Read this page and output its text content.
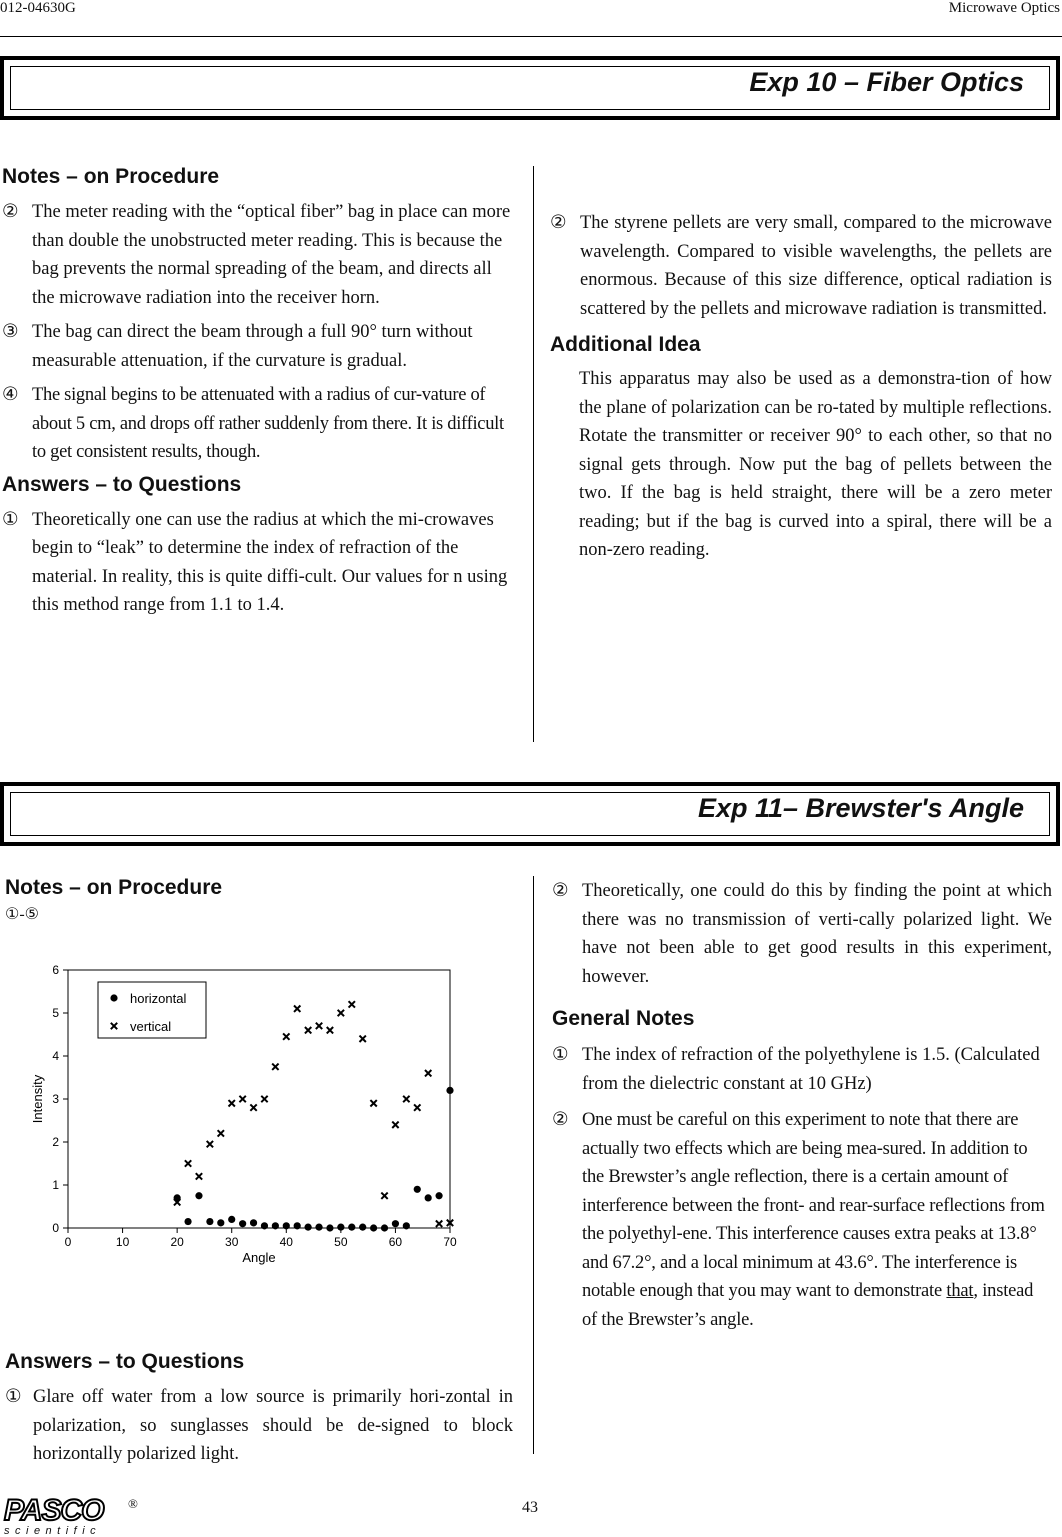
012-04630G	Microwave Optics
Exp 10 – Fiber Optics
Notes – on Procedure
② The meter reading with the “optical fiber” bag in place can more than double the unobstructed meter reading. This is because the bag prevents the normal spreading of the beam, and directs all the microwave radiation into the receiver horn.
③ The bag can direct the beam through a full 90° turn without measurable attenuation, if the curvature is gradual.
④ The signal begins to be attenuated with a radius of cur-vature of about 5 cm, and drops off rather suddenly from there. It is difficult to get consistent results, though.
Answers – to Questions
① Theoretically one can use the radius at which the mi-crowaves begin to “leak” to determine the index of refraction of the material. In reality, this is quite diffi-cult. Our values for n using this method range from 1.1 to 1.4.
② The styrene pellets are very small, compared to the microwave wavelength. Compared to visible wavelengths, the pellets are enormous. Because of this size difference, optical radiation is scattered by the pellets and microwave radiation is transmitted.
Additional Idea
This apparatus may also be used as a demonstra-tion of how the plane of polarization can be ro-tated by multiple reflections. Rotate the transmitter or receiver 90° to each other, so that no signal gets through. Now put the bag of pellets between the two. If the bag is held straight, there will be a zero meter reading; but if the bag is curved into a spiral, there will be a non-zero reading.
Exp 11– Brewster's Angle
Notes – on Procedure
①-⑤
0	10	20	30	40	50	60	70
0
1
2
3
4
5
6
Angle
Intensity
horizontal
vertical
Answers – to Questions
① Glare off water from a low source is primarily hori-zontal in polarization, so sunglasses should be de-signed to block horizontally polarized light.
② Theoretically, one could do this by finding the point at which there was no transmission of verti-cally polarized light. We have not been able to get good results in this experiment, however.
General Notes
① The index of refraction of the polyethylene is 1.5. (Calculated from the dielectric constant at 10 GHz)
② One must be careful on this experiment to note that there are actually two effects which are being mea-sured. In addition to the Brewster’s angle reflection, there is a certain amount of interference between the front- and rear-surface reflections from the polyethyl-ene. This interference causes extra peaks at 13.8° and 67.2°, and a local minimum at 43.6°. The interference is notable enough that you may want to demonstrate that, instead of the Brewster’s angle.
43
PASCO
scientific
®
